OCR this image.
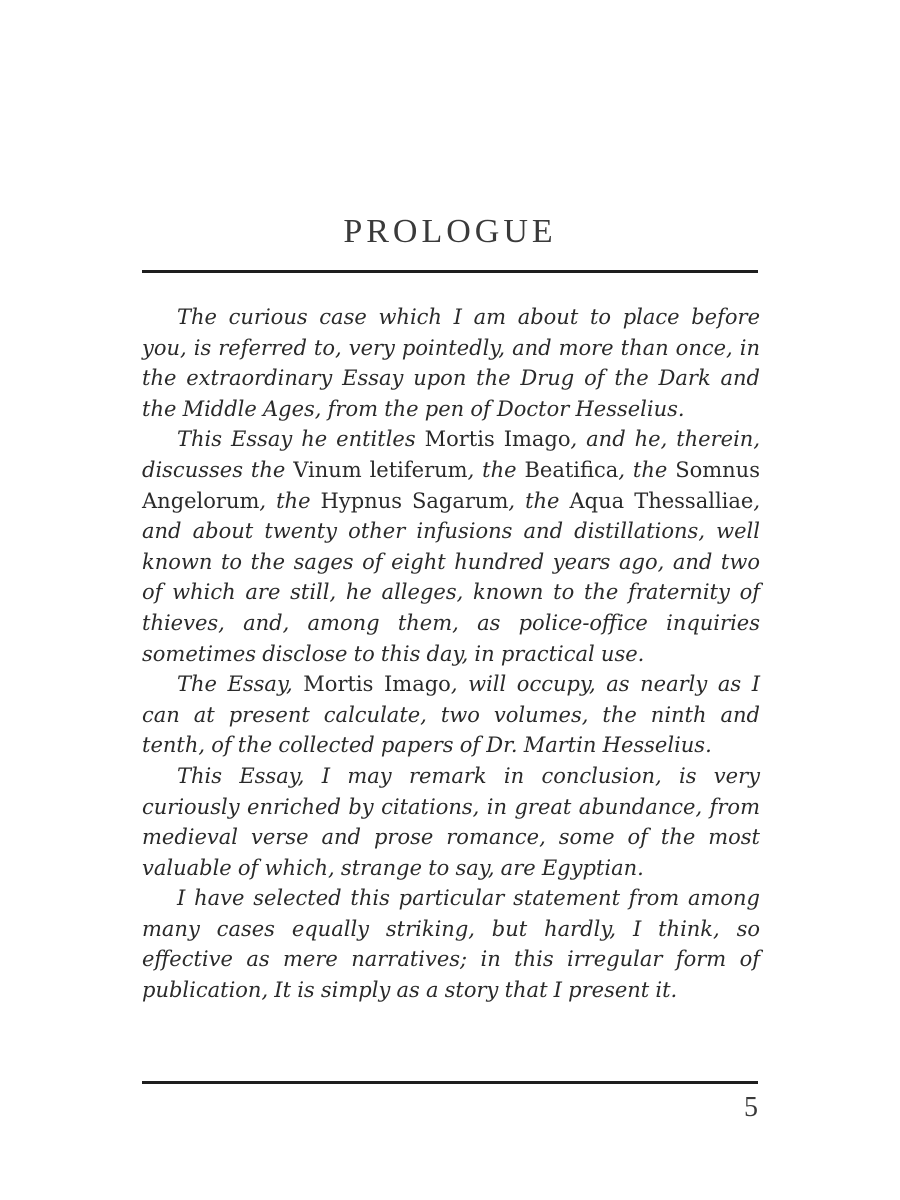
PROLOGUE

The curious case which I am about to place before you, is referred to, very pointedly, and more than once, in the extraordinary Essay upon the Drug of the Dark and the Middle Ages, from the pen of Doctor Hesselius.

This Essay he entitles Mortis Imago, and he, therein, discusses the Vinum letiferum, the Beatifica, the Somnus Angelorum, the Hypnus Sagarum, the Aqua Thessalliae, and about twenty other infusions and distillations, well known to the sages of eight hundred years ago, and two of which are still, he alleges, known to the fraternity of thieves, and, among them, as police-office inquiries sometimes disclose to this day, in practical use.

The Essay, Mortis Imago, will occupy, as nearly as I can at present calculate, two volumes, the ninth and tenth, of the collected papers of Dr. Martin Hesselius.

This Essay, I may remark in conclusion, is very curiously enriched by citations, in great abundance, from medieval verse and prose romance, some of the most valuable of which, strange to say, are Egyptian.

I have selected this particular statement from among many cases equally striking, but hardly, I think, so effective as mere narratives; in this irregular form of publication, It is simply as a story that I present it.

5
